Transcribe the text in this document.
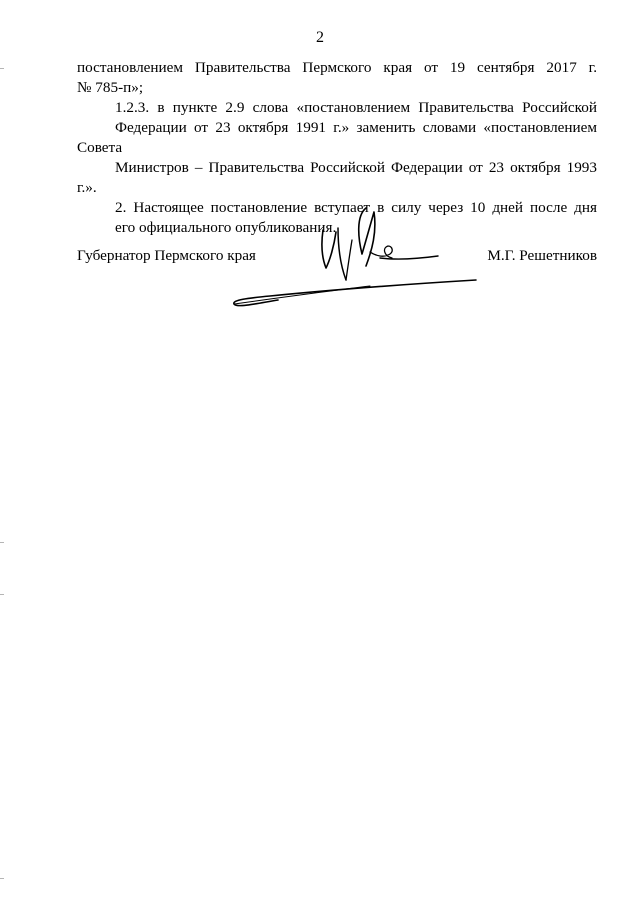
2

постановлением Правительства Пермского края от 19 сентября 2017 г.
№ 785-п»;

1.2.3. в пункте 2.9 слова «постановлением Правительства Российской
Федерации от 23 октября 1991 г.» заменить словами «постановлением Совета
Министров – Правительства Российской Федерации от 23 октября 1993 г.».

2. Настоящее постановление вступает в силу через 10 дней после дня
его официального опубликования.

Губернатор Пермского края	М.Г. Решетников
